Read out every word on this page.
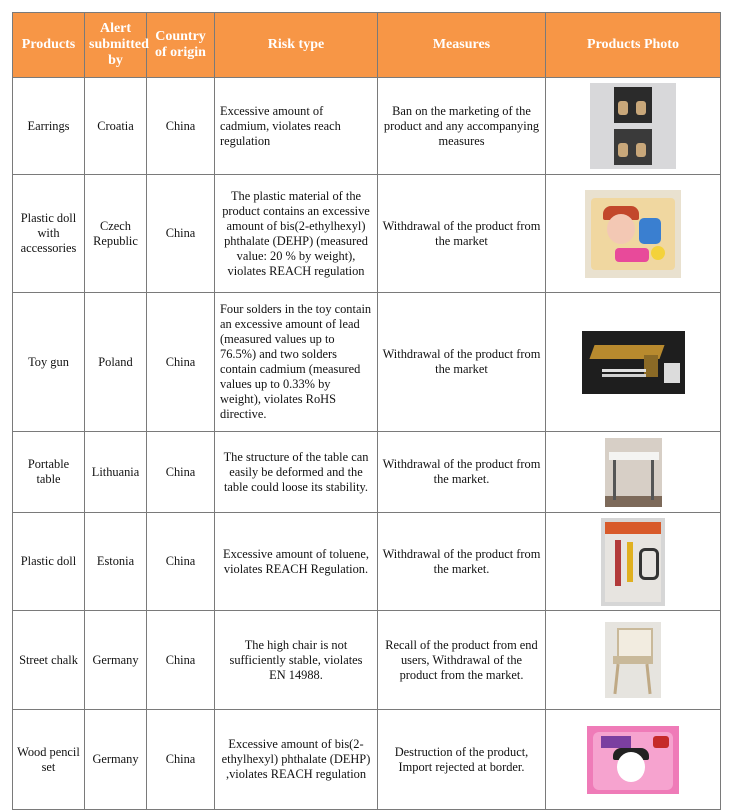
Products	Alert submitted by	Country of origin	Risk type	Measures	Products Photo
Earrings	Croatia	China	Excessive amount of cadmium, violates reach regulation	Ban on the marketing of the product and any accompanying measures	

Plastic doll with accessories	Czech Republic	China	The plastic material of the product contains an excessive amount of bis(2-ethylhexyl) phthalate (DEHP) (measured value: 20 % by weight), violates REACH regulation	Withdrawal of the product from the market	

Toy gun	Poland	China	Four solders in the toy contain an excessive amount of lead (measured values up to 76.5%) and two solders contain cadmium (measured values up to 0.33% by weight), violates RoHS directive.	Withdrawal of the product from the market	

Portable table	Lithuania	China	The structure of the table can easily be deformed and the table could loose its stability.	Withdrawal of the product from the market.	

Plastic doll	Estonia	China	Excessive amount of toluene, violates REACH Regulation.	Withdrawal of the product from the market.	

Street chalk	Germany	China	The high chair is not sufficiently stable, violates EN 14988.	Recall of the product from end users, Withdrawal of the product from the market.	

Wood pencil set	Germany	China	Excessive amount of bis(2-ethylhexyl) phthalate (DEHP) ,violates REACH regulation	Destruction of the product, Import rejected at border.	
